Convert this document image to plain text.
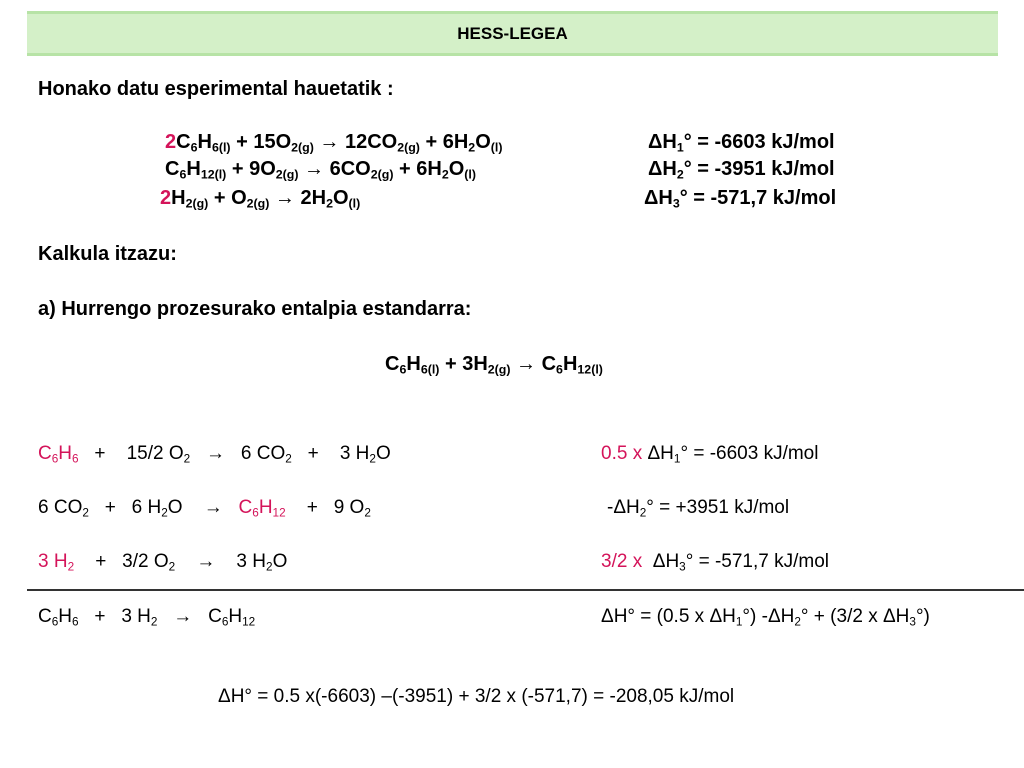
HESS-LEGEA
Honako datu esperimental hauetatik :
$2C_6H_{6(l)} + 15O_{2(g)} \to 12CO_{2(g)} + 6H_2O_{(l)}$	$\Delta H_1^\circ = -6603$ kJ/mol
$C_6H_{12(l)} + 9O_{2(g)} \to 6CO_{2(g)} + 6H_2O_{(l)}$	$\Delta H_2^\circ = -3951$ kJ/mol
$2H_{2(g)} + O_{2(g)} \to 2H_2O_{(l)}$	$\Delta H_3^\circ = -571,7$ kJ/mol
Kalkula itzazu:
a) Hurrengo prozesurako entalpia estandarra:
$C_6H_{6(l)} + 3H_{2(g)} \to C_6H_{12(l)}$
$C_6H_6$   +    15/2 $O_2 \to 6$ $CO_2$   +    3 $H_2O$	0.5 x $\Delta H_1^\circ = -6603$ kJ/mol
6 $CO_2 + 6$ $H_2O$    →   $C_6H_{12}$    +   9 $O_2$	$-\Delta H_2^\circ = +3951$ kJ/mol
3 $H_2$    +   3/2 $O_2$    →    3 $H_2O$	3/2 x  $\Delta H_3^\circ = -571,7$ kJ/mol
$C_6H_6 + 3$ $H_2 \to C_6H_{12}$	ΔH° = (0.5 x $\Delta H_1^\circ$) $-\Delta H_2^\circ + (3/2$ x $\Delta H_3^\circ$)
ΔH° = 0.5 x(-6603) –(-3951) + 3/2 x (-571,7) = -208,05 kJ/mol
